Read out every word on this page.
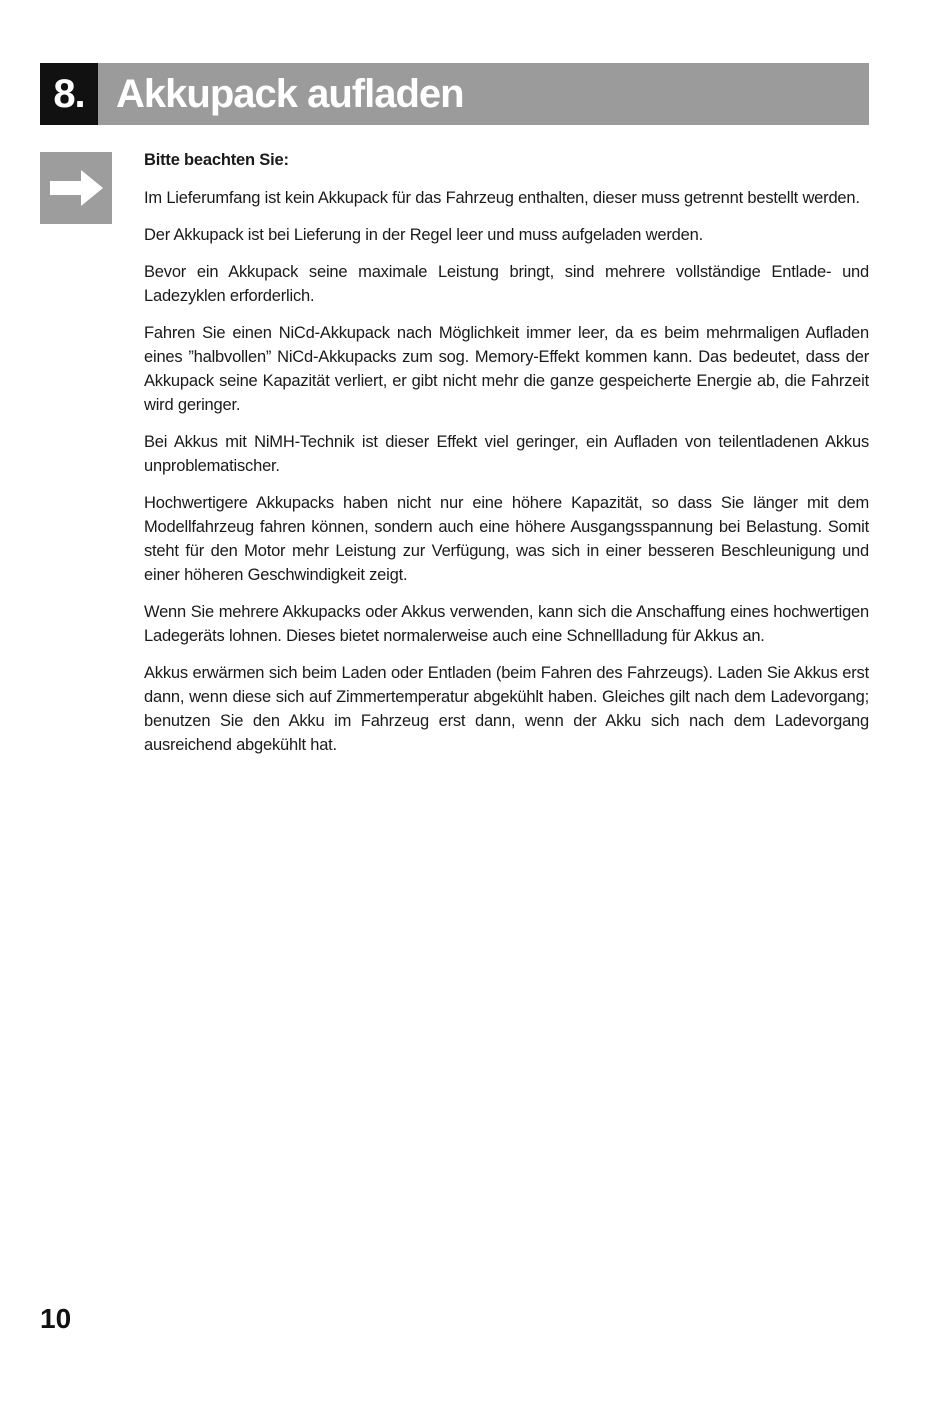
8. Akkupack aufladen
Bitte beachten Sie:

Im Lieferumfang ist kein Akkupack für das Fahrzeug enthalten, dieser muss getrennt bestellt werden.

Der Akkupack ist bei Lieferung in der Regel leer und muss aufgeladen werden.

Bevor ein Akkupack seine maximale Leistung bringt, sind mehrere vollständige Entlade- und Ladezyklen erforderlich.

Fahren Sie einen NiCd-Akkupack nach Möglichkeit immer leer, da es beim mehrmaligen Aufladen eines ”halbvollen” NiCd-Akkupacks zum sog. Memory-Effekt kommen kann. Das bedeutet, dass der Akkupack seine Kapazität verliert, er gibt nicht mehr die ganze gespeicherte Energie ab, die Fahrzeit wird geringer.

Bei Akkus mit NiMH-Technik ist dieser Effekt viel geringer, ein Aufladen von teilentladenen Akkus unproblematischer.

Hochwertigere Akkupacks haben nicht nur eine höhere Kapazität, so dass Sie länger mit dem Modellfahrzeug fahren können, sondern auch eine höhere Ausgangsspannung bei Belastung. Somit steht für den Motor mehr Leistung zur Verfügung, was sich in einer besseren Beschleunigung und einer höheren Geschwindigkeit zeigt.

Wenn Sie mehrere Akkupacks oder Akkus verwenden, kann sich die Anschaffung eines hochwertigen Ladegeräts lohnen. Dieses bietet normalerweise auch eine Schnellladung für Akkus an.

Akkus erwärmen sich beim Laden oder Entladen (beim Fahren des Fahrzeugs). Laden Sie Akkus erst dann, wenn diese sich auf Zimmertemperatur abgekühlt haben. Gleiches gilt nach dem Ladevorgang; benutzen Sie den Akku im Fahrzeug erst dann, wenn der Akku sich nach dem Ladevorgang ausreichend abgekühlt hat.

10
